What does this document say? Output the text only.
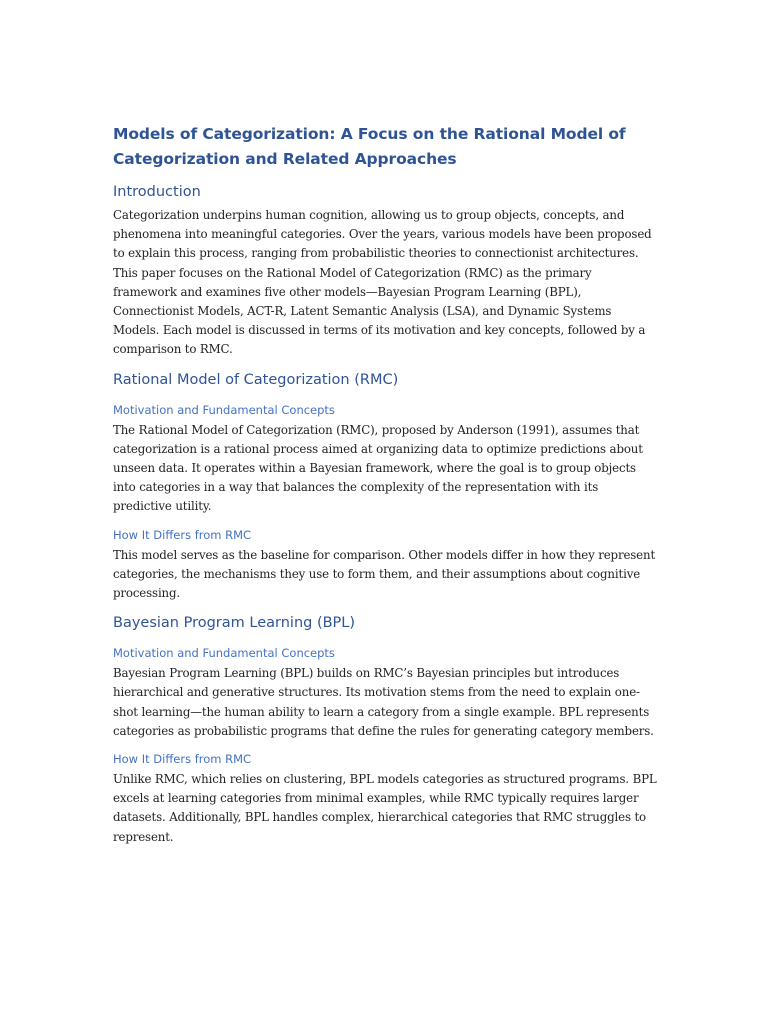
Models of Categorization: A Focus on the Rational Model of Categorization and Related Approaches
Introduction

Categorization underpins human cognition, allowing us to group objects, concepts, and phenomena into meaningful categories. Over the years, various models have been proposed to explain this process, ranging from probabilistic theories to connectionist architectures. This paper focuses on the Rational Model of Categorization (RMC) as the primary framework and examines five other models—Bayesian Program Learning (BPL), Connectionist Models, ACT-R, Latent Semantic Analysis (LSA), and Dynamic Systems Models. Each model is discussed in terms of its motivation and key concepts, followed by a comparison to RMC.

Rational Model of Categorization (RMC)
Motivation and Fundamental Concepts

The Rational Model of Categorization (RMC), proposed by Anderson (1991), assumes that categorization is a rational process aimed at organizing data to optimize predictions about unseen data. It operates within a Bayesian framework, where the goal is to group objects into categories in a way that balances the complexity of the representation with its predictive utility.

How It Differs from RMC

This model serves as the baseline for comparison. Other models differ in how they represent categories, the mechanisms they use to form them, and their assumptions about cognitive processing.

Bayesian Program Learning (BPL)
Motivation and Fundamental Concepts

Bayesian Program Learning (BPL) builds on RMC’s Bayesian principles but introduces hierarchical and generative structures. Its motivation stems from the need to explain one-shot learning—the human ability to learn a category from a single example. BPL represents categories as probabilistic programs that define the rules for generating category members.

How It Differs from RMC

Unlike RMC, which relies on clustering, BPL models categories as structured programs. BPL excels at learning categories from minimal examples, while RMC typically requires larger datasets. Additionally, BPL handles complex, hierarchical categories that RMC struggles to represent.
